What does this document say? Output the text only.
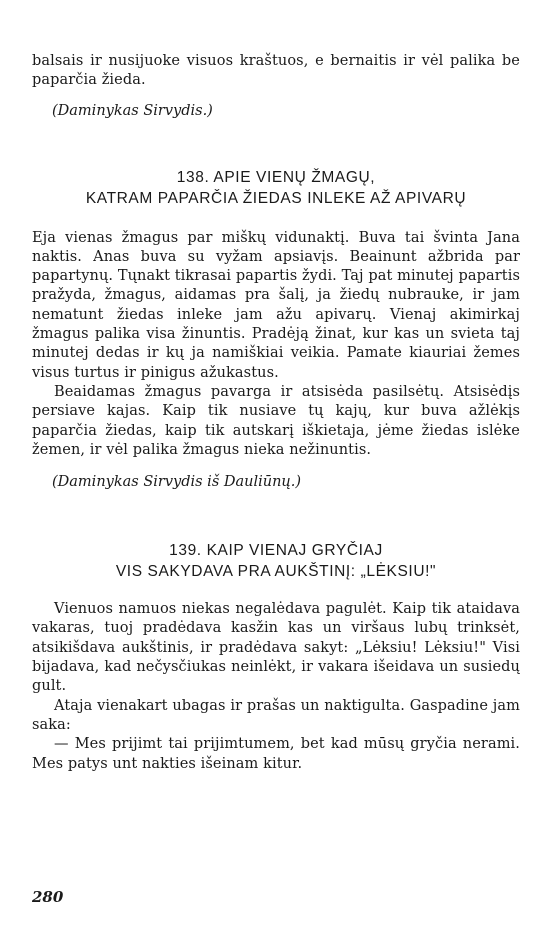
balsais ir nusijuoke visuos kraštuos, e bernaitis ir vėl palika be paparčia žieda.

(Daminykas Sirvydis.)

138. APIE VIENŲ ŽMAGŲ,

KATRAM PAPARČIA ŽIEDAS INLEKE AŽ APIVARŲ

Eja vienas žmagus par miškų vidunaktį. Buva tai švinta Jana naktis. Anas buva su vyžam apsiavįs. Beainunt ažbrida par papartynų. Tųnakt tikrasai papartis žydi. Taj pat minutej papartis pražyda, žmagus, aidamas pra šalį, ja žiedų nubrauke, ir jam nematunt žiedas inleke jam ažu apivarų. Vienaj akimirkaj žmagus palika visa žinuntis. Pradėją žinat, kur kas un svieta taj minutej dedas ir kų ja namiškiai veikia. Pamate kiauriai žemes visus turtus ir pinigus ažukastus.

Beaidamas žmagus pavarga ir atsisėda pasilsėtų. Atsisėdįs persiave kajas. Kaip tik nusiave tų kajų, kur buva ažlėkįs paparčia žiedas, kaip tik autskarį iškietaja, jėme žiedas islėke žemen, ir vėl palika žmagus nieka nežinuntis.

(Daminykas Sirvydis iš Dauliūnų.)

139. KAIP VIENAJ GRYČIAJ

VIS SAKYDAVA PRA AUKŠTINĮ: „LĖKSIU!"

Vienuos namuos niekas negalėdava pagulėt. Kaip tik ataidava vakaras, tuoj pradėdava kasžin kas un viršaus lubų trinksėt, atsikišdava aukštinis, ir pradėdava sakyt: „Lėksiu! Lėksiu!" Visi bijadava, kad nečysčiukas neinlėkt, ir vakara išeidava un susiedų gult.

Ataja vienakart ubagas ir prašas un naktigulta. Gaspadine jam saka:

— Mes prijimt tai prijimtumem, bet kad mūsų gryčia nerami. Mes patys unt nakties išeinam kitur.

280
